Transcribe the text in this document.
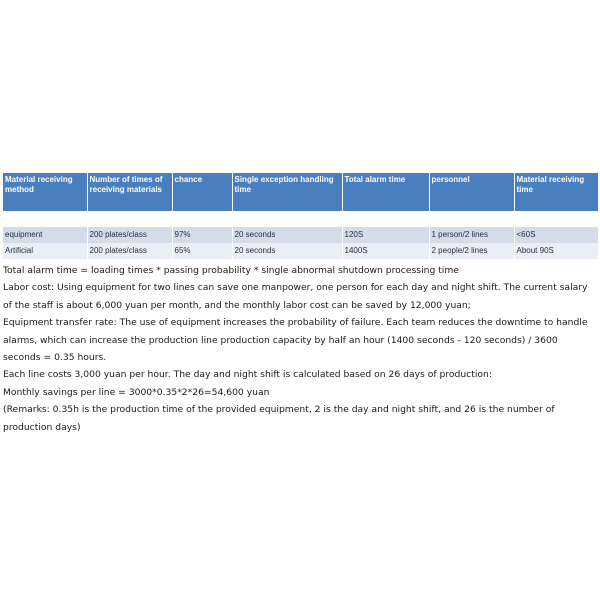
Material receiving method	Number of times of receiving materials	chance	Single exception handling time	Total alarm time	personnel	Material receiving time

equipment	200 plates/class	97%	20 seconds	120S	1 person/2 lines	<60S
Artificial	200 plates/class	65%	20 seconds	1400S	2 people/2 lines	About 90S

Total alarm time = loading times * passing probability * single abnormal shutdown processing time

Labor cost: Using equipment for two lines can save one manpower, one person for each day and night shift. The current salary of the staff is about 6,000 yuan per month, and the monthly labor cost can be saved by 12,000 yuan;

Equipment transfer rate: The use of equipment increases the probability of failure. Each team reduces the downtime to handle alarms, which can increase the production line production capacity by half an hour (1400 seconds - 120 seconds) / 3600 seconds = 0.35 hours.

Each line costs 3,000 yuan per hour. The day and night shift is calculated based on 26 days of production:

Monthly savings per line = 3000*0.35*2*26=54,600 yuan

(Remarks: 0.35h is the production time of the provided equipment, 2 is the day and night shift, and 26 is the number of production days)
